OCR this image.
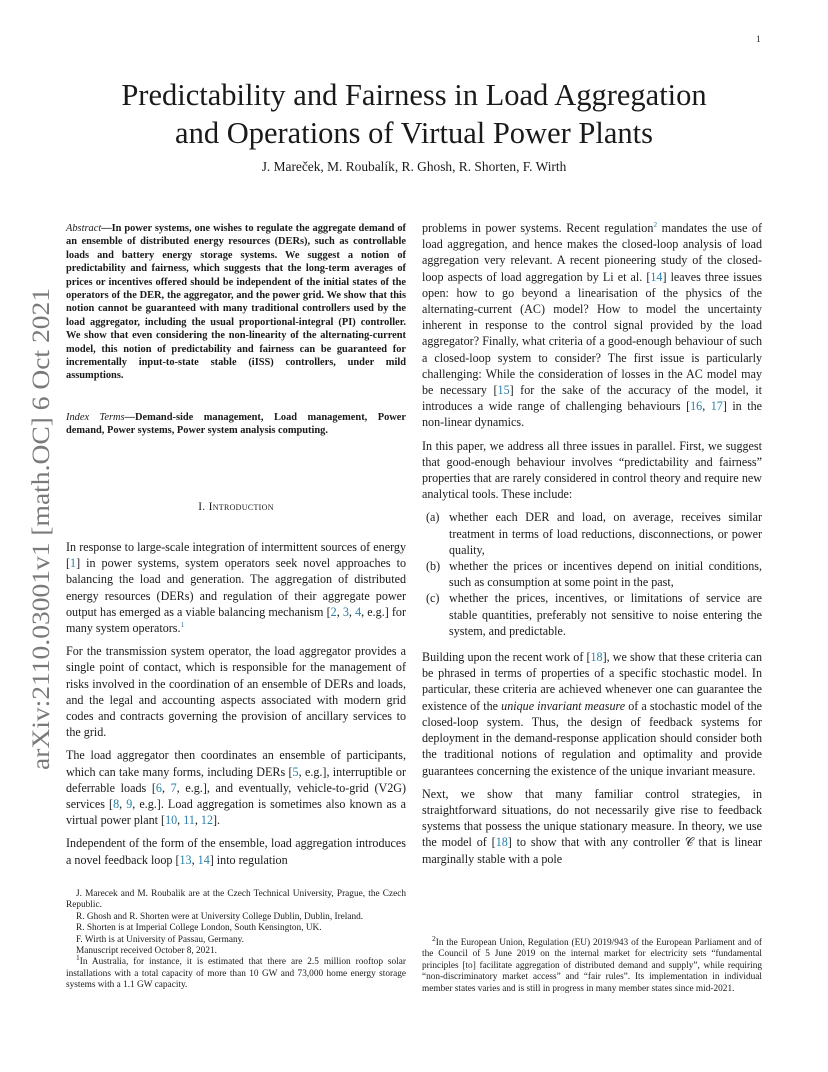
1
arXiv:2110.03001v1 [math.OC] 6 Oct 2021
Predictability and Fairness in Load Aggregation
and Operations of Virtual Power Plants
J. Mareček, M. Roubalík, R. Ghosh, R. Shorten, F. Wirth
Abstract—In power systems, one wishes to regulate the aggregate demand of an ensemble of distributed energy resources (DERs), such as controllable loads and battery energy storage systems. We suggest a notion of predictability and fairness, which suggests that the long-term averages of prices or incentives offered should be independent of the initial states of the operators of the DER, the aggregator, and the power grid. We show that this notion cannot be guaranteed with many traditional controllers used by the load aggregator, including the usual proportional-integral (PI) controller. We show that even considering the non-linearity of the alternating-current model, this notion of predictability and fairness can be guaranteed for incrementally input-to-state stable (iISS) controllers, under mild assumptions.
Index Terms—Demand-side management, Load management, Power demand, Power systems, Power system analysis computing.
I. Introduction

In response to large-scale integration of intermittent sources of energy [1] in power systems, system operators seek novel approaches to balancing the load and generation. The aggregation of distributed energy resources (DERs) and regulation of their aggregate power output has emerged as a viable balancing mechanism [2, 3, 4, e.g.] for many system operators.$^1$

For the transmission system operator, the load aggregator provides a single point of contact, which is responsible for the management of risks involved in the coordination of an ensemble of DERs and loads, and the legal and accounting aspects associated with modern grid codes and contracts governing the provision of ancillary services to the grid.

The load aggregator then coordinates an ensemble of participants, which can take many forms, including DERs [5, e.g.], interruptible or deferrable loads [6, 7, e.g.], and eventually, vehicle-to-grid (V2G) services [8, 9, e.g.]. Load aggregation is sometimes also known as a virtual power plant [10, 11, 12].

Independent of the form of the ensemble, load aggregation introduces a novel feedback loop [13, 14] into regulation

J. Marecek and M. Roubalik are at the Czech Technical University, Prague, the Czech Republic.

R. Ghosh and R. Shorten were at University College Dublin, Dublin, Ireland.

R. Shorten is at Imperial College London, South Kensington, UK.

F. Wirth is at University of Passau, Germany.

Manuscript received October 8, 2021.

$^1$In Australia, for instance, it is estimated that there are 2.5 million rooftop solar installations with a total capacity of more than 10 GW and 73,000 home energy storage systems with a 1.1 GW capacity.

problems in power systems. Recent regulation$^2$ mandates the use of load aggregation, and hence makes the closed-loop analysis of load aggregation very relevant. A recent pioneering study of the closed-loop aspects of load aggregation by Li et al. [14] leaves three issues open: how to go beyond a linearisation of the physics of the alternating-current (AC) model? How to model the uncertainty inherent in response to the control signal provided by the load aggregator? Finally, what criteria of a good-enough behaviour of such a closed-loop system to consider? The first issue is particularly challenging: While the consideration of losses in the AC model may be necessary [15] for the sake of the accuracy of the model, it introduces a wide range of challenging behaviours [16, 17] in the non-linear dynamics.

In this paper, we address all three issues in parallel. First, we suggest that good-enough behaviour involves “predictability and fairness” properties that are rarely considered in control theory and require new analytical tools. These include:

(a) whether each DER and load, on average, receives similar treatment in terms of load reductions, disconnections, or power quality,
(b) whether the prices or incentives depend on initial conditions, such as consumption at some point in the past,
(c) whether the prices, incentives, or limitations of service are stable quantities, preferably not sensitive to noise entering the system, and predictable.

Building upon the recent work of [18], we show that these criteria can be phrased in terms of properties of a specific stochastic model. In particular, these criteria are achieved whenever one can guarantee the existence of the unique invariant measure of a stochastic model of the closed-loop system. Thus, the design of feedback systems for deployment in the demand-response application should consider both the traditional notions of regulation and optimality and provide guarantees concerning the existence of the unique invariant measure.

Next, we show that many familiar control strategies, in straightforward situations, do not necessarily give rise to feedback systems that possess the unique stationary measure. In theory, we use the model of [18] to show that with any controller 𝒞 that is linear marginally stable with a pole

$^2$In the European Union, Regulation (EU) 2019/943 of the European Parliament and of the Council of 5 June 2019 on the internal market for electricity sets “fundamental principles [to] facilitate aggregation of distributed demand and supply”, while requiring “non-discriminatory market access” and “fair rules”. Its implementation in individual member states varies and is still in progress in many member states since mid-2021.
